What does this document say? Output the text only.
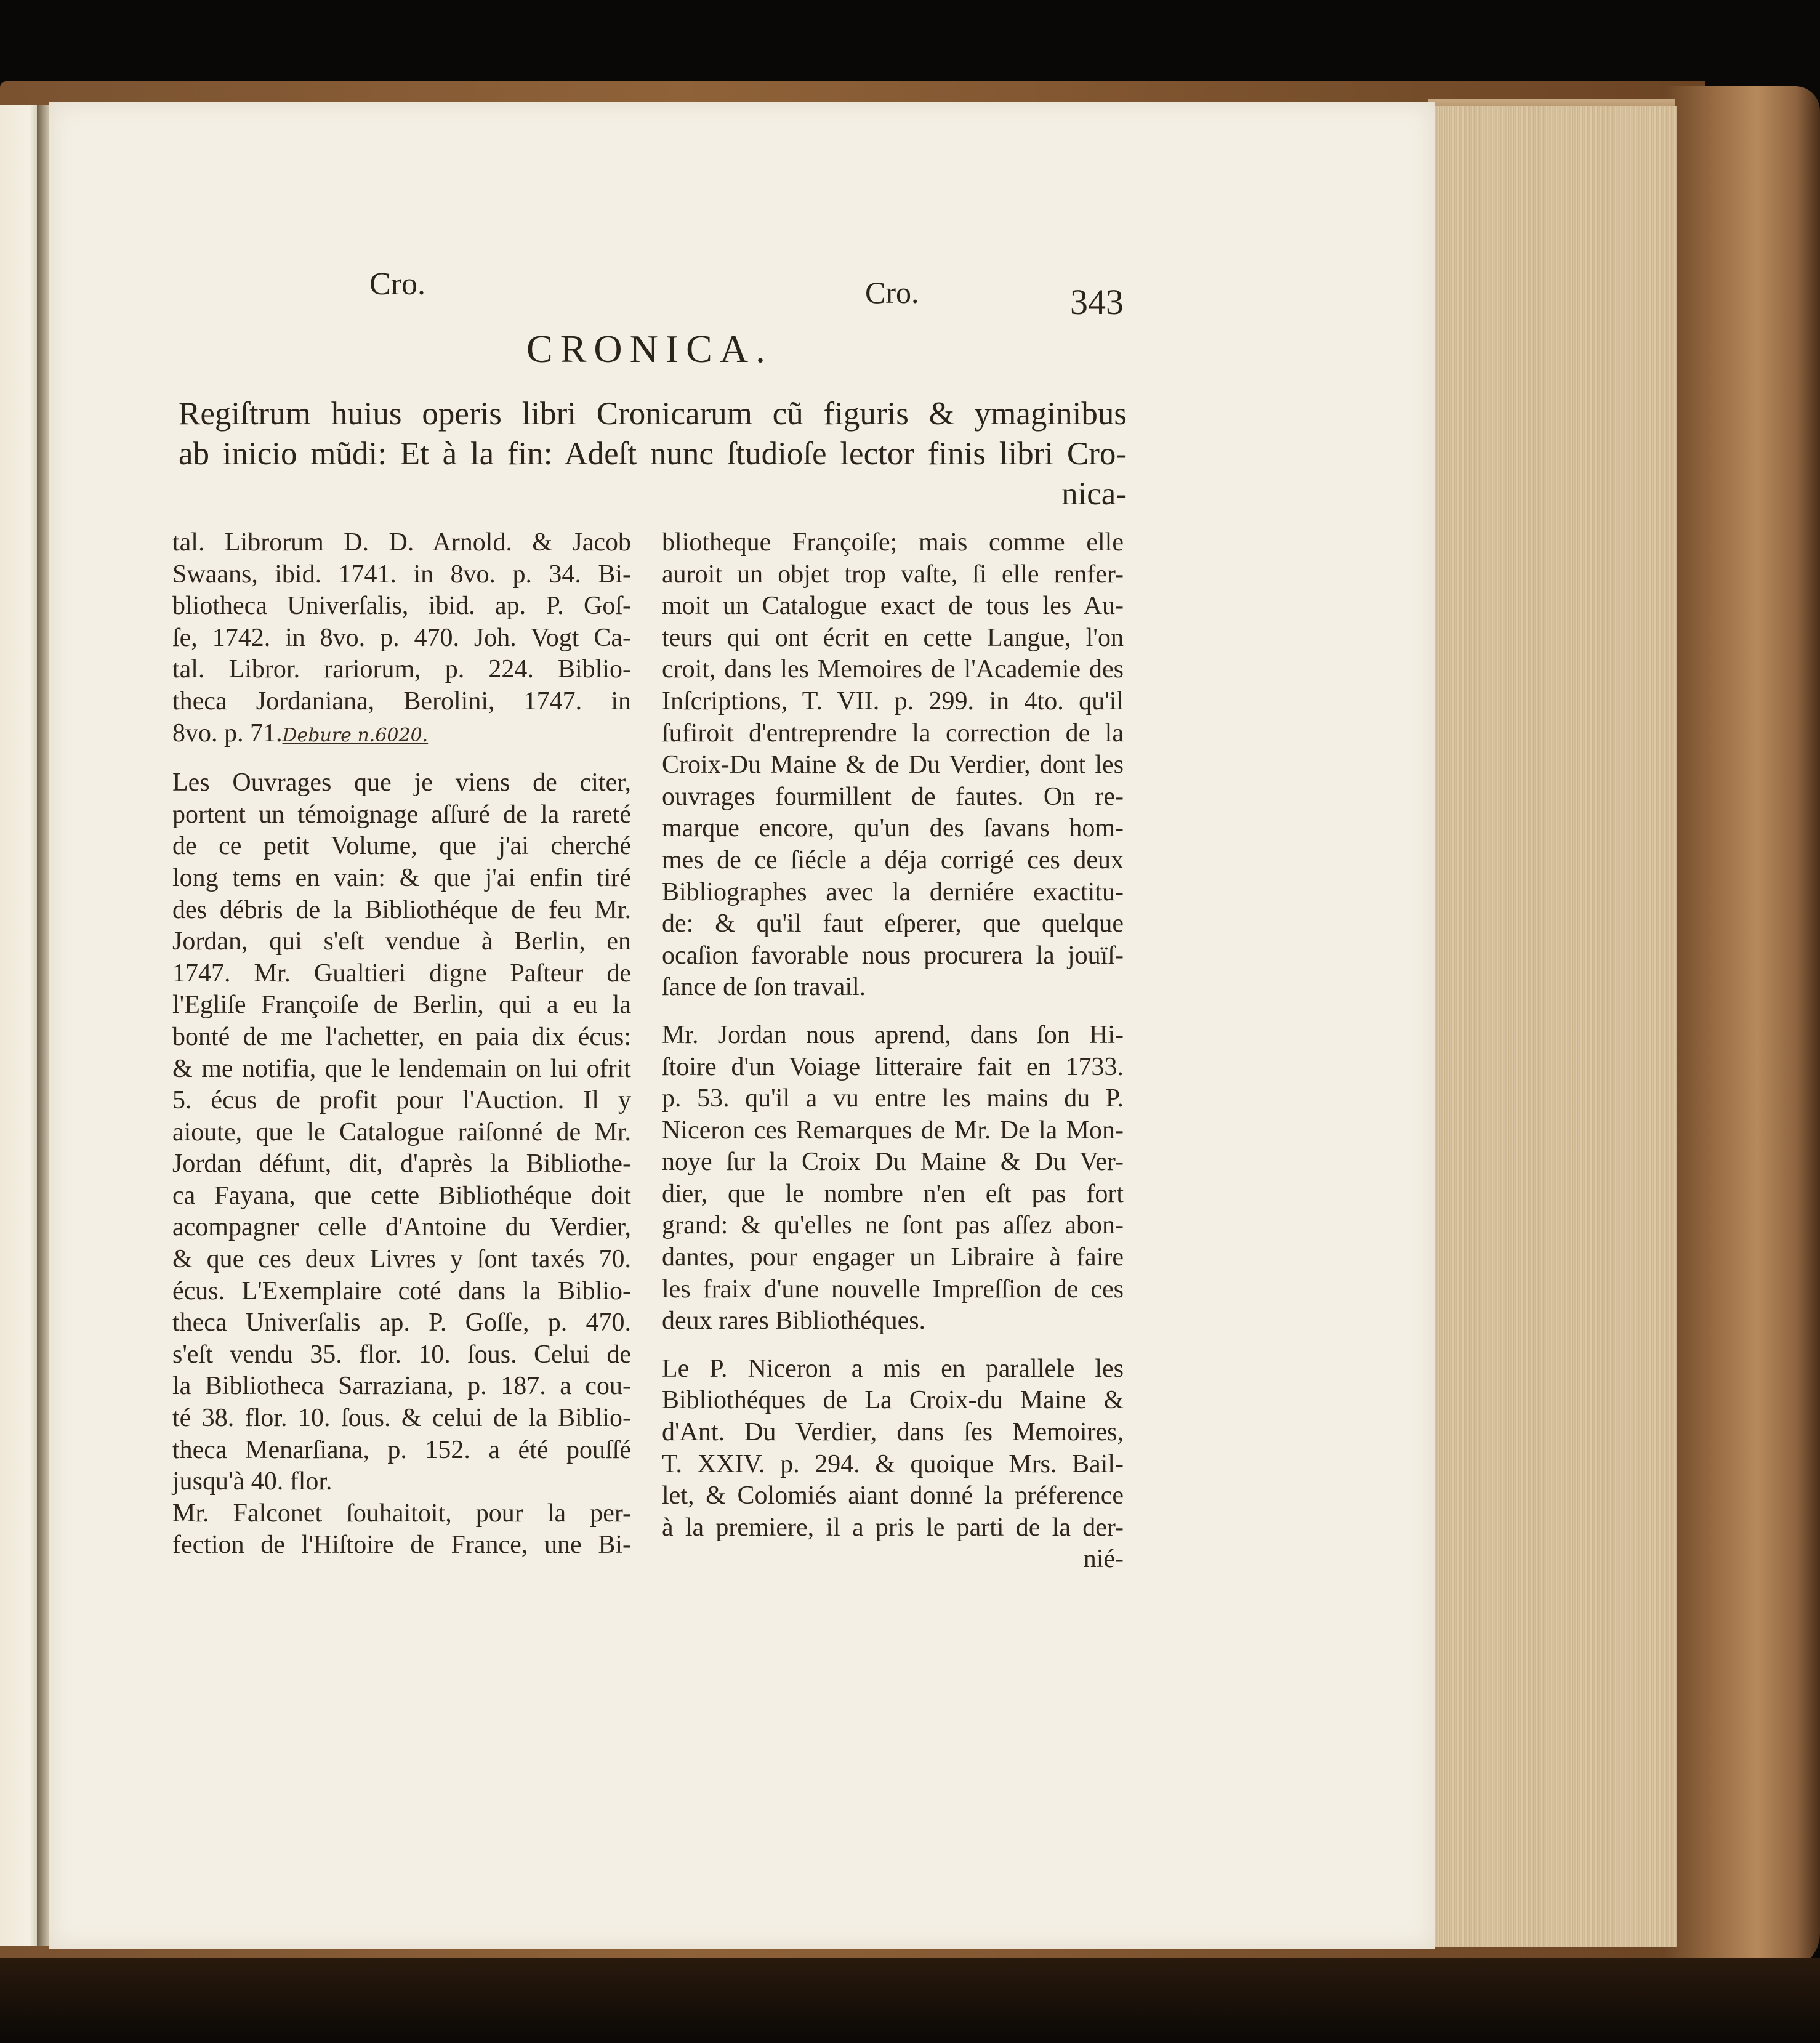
Cro.	Cro.	343
CRONICA.
Regiſtrum huius operis libri Cronicarum cũ figuris & ymaginibus
ab inicio mũdi: Et à la fin: Adeſt nunc ſtudioſe lector finis libri Cro-
nica-
tal. Librorum D. D. Arnold. & Jacob
Swaans, ibid. 1741. in 8vo. p. 34. Bi-
bliotheca Univerſalis, ibid. ap. P. Goſ-
ſe, 1742. in 8vo. p. 470. Joh. Vogt Ca-
tal. Libror. rariorum, p. 224. Biblio-
theca Jordaniana, Berolini, 1747. in
8vo. p. 71.Debure n.6020.
Les Ouvrages que je viens de citer,
portent un témoignage aſſuré de la rareté
de ce petit Volume, que j'ai cherché
long tems en vain: & que j'ai enfin tiré
des débris de la Bibliothéque de feu Mr.
Jordan, qui s'eſt vendue à Berlin, en
1747. Mr. Gualtieri digne Paſteur de
l'Egliſe Françoiſe de Berlin, qui a eu la
bonté de me l'achetter, en paia dix écus:
& me notifia, que le lendemain on lui ofrit
5. écus de profit pour l'Auction. Il y
aioute, que le Catalogue raiſonné de Mr.
Jordan défunt, dit, d'après la Bibliothe-
ca Fayana, que cette Bibliothéque doit
acompagner celle d'Antoine du Verdier,
& que ces deux Livres y ſont taxés 70.
écus. L'Exemplaire coté dans la Biblio-
theca Univerſalis ap. P. Goſſe, p. 470.
s'eſt vendu 35. flor. 10. ſous. Celui de
la Bibliotheca Sarraziana, p. 187. a cou-
té 38. flor. 10. ſous. & celui de la Biblio-
theca Menarſiana, p. 152. a été pouſſé
jusqu'à 40. flor.
Mr. Falconet ſouhaitoit, pour la per-
fection de l'Hiſtoire de France, une Bi-
bliotheque Françoiſe; mais comme elle
auroit un objet trop vaſte, ſi elle renfer-
moit un Catalogue exact de tous les Au-
teurs qui ont écrit en cette Langue, l'on
croit, dans les Memoires de l'Academie des
Inſcriptions, T. VII. p. 299. in 4to. qu'il
ſufiroit d'entreprendre la correction de la
Croix-Du Maine & de Du Verdier, dont les
ouvrages fourmillent de fautes. On re-
marque encore, qu'un des ſavans hom-
mes de ce ſiécle a déja corrigé ces deux
Bibliographes avec la derniére exactitu-
de: & qu'il faut eſperer, que quelque
ocaſion favorable nous procurera la jouïſ-
ſance de ſon travail.
Mr. Jordan nous aprend, dans ſon Hi-
ſtoire d'un Voiage litteraire fait en 1733.
p. 53. qu'il a vu entre les mains du P.
Niceron ces Remarques de Mr. De la Mon-
noye ſur la Croix Du Maine & Du Ver-
dier, que le nombre n'en eſt pas fort
grand: & qu'elles ne ſont pas aſſez abon-
dantes, pour engager un Libraire à faire
les fraix d'une nouvelle Impreſſion de ces
deux rares Bibliothéques.
Le P. Niceron a mis en parallele les
Bibliothéques de La Croix-du Maine &
d'Ant. Du Verdier, dans ſes Memoires,
T. XXIV. p. 294. & quoique Mrs. Bail-
let, & Colomiés aiant donné la préference
à la premiere, il a pris le parti de la der-
nié-
